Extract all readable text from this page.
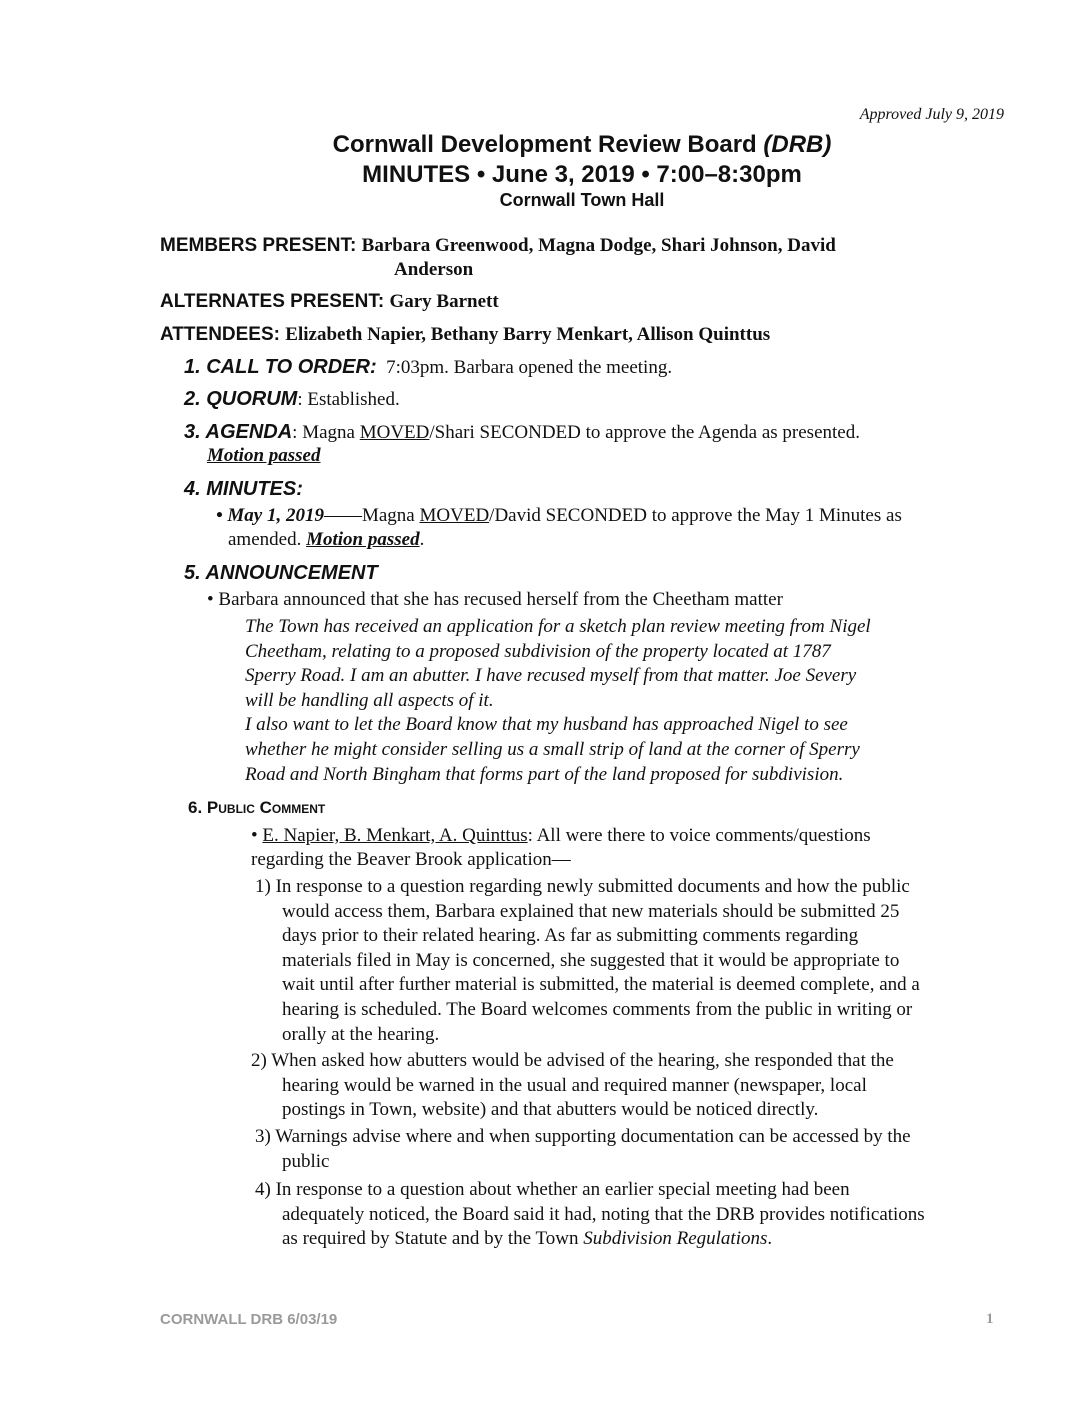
Approved July 9, 2019
Cornwall Development Review Board (DRB)
MINUTES • June 3, 2019 • 7:00–8:30pm
Cornwall Town Hall
MEMBERS PRESENT: Barbara Greenwood, Magna Dodge, Shari Johnson, David
Anderson
ALTERNATES PRESENT: Gary Barnett
ATTENDEES: Elizabeth Napier, Bethany Barry Menkart, Allison Quinttus
1. CALL TO ORDER: 7:03pm. Barbara opened the meeting.
2. QUORUM: Established.
3. AGENDA: Magna MOVED/Shari SECONDED to approve the Agenda as presented.
Motion passed
4. MINUTES:
• May 1, 2019——Magna MOVED/David SECONDED to approve the May 1 Minutes as
amended. Motion passed.
5. ANNOUNCEMENT
• Barbara announced that she has recused herself from the Cheetham matter
The Town has received an application for a sketch plan review meeting from Nigel
Cheetham, relating to a proposed subdivision of the property located at 1787
Sperry Road. I am an abutter. I have recused myself from that matter. Joe Severy
will be handling all aspects of it.
I also want to let the Board know that my husband has approached Nigel to see
whether he might consider selling us a small strip of land at the corner of Sperry
Road and North Bingham that forms part of the land proposed for subdivision.
6. Public Comment
• E. Napier, B. Menkart, A. Quinttus: All were there to voice comments/questions
regarding the Beaver Brook application—
1) In response to a question regarding newly submitted documents and how the public
would access them, Barbara explained that new materials should be submitted 25
days prior to their related hearing. As far as submitting comments regarding
materials filed in May is concerned, she suggested that it would be appropriate to
wait until after further material is submitted, the material is deemed complete, and a
hearing is scheduled. The Board welcomes comments from the public in writing or
orally at the hearing.
2) When asked how abutters would be advised of the hearing, she responded that the
hearing would be warned in the usual and required manner (newspaper, local
postings in Town, website) and that abutters would be noticed directly.
3) Warnings advise where and when supporting documentation can be accessed by the
public
4) In response to a question about whether an earlier special meeting had been
adequately noticed, the Board said it had, noting that the DRB provides notifications
as required by Statute and by the Town Subdivision Regulations.
CORNWALL DRB 6/03/19	1
